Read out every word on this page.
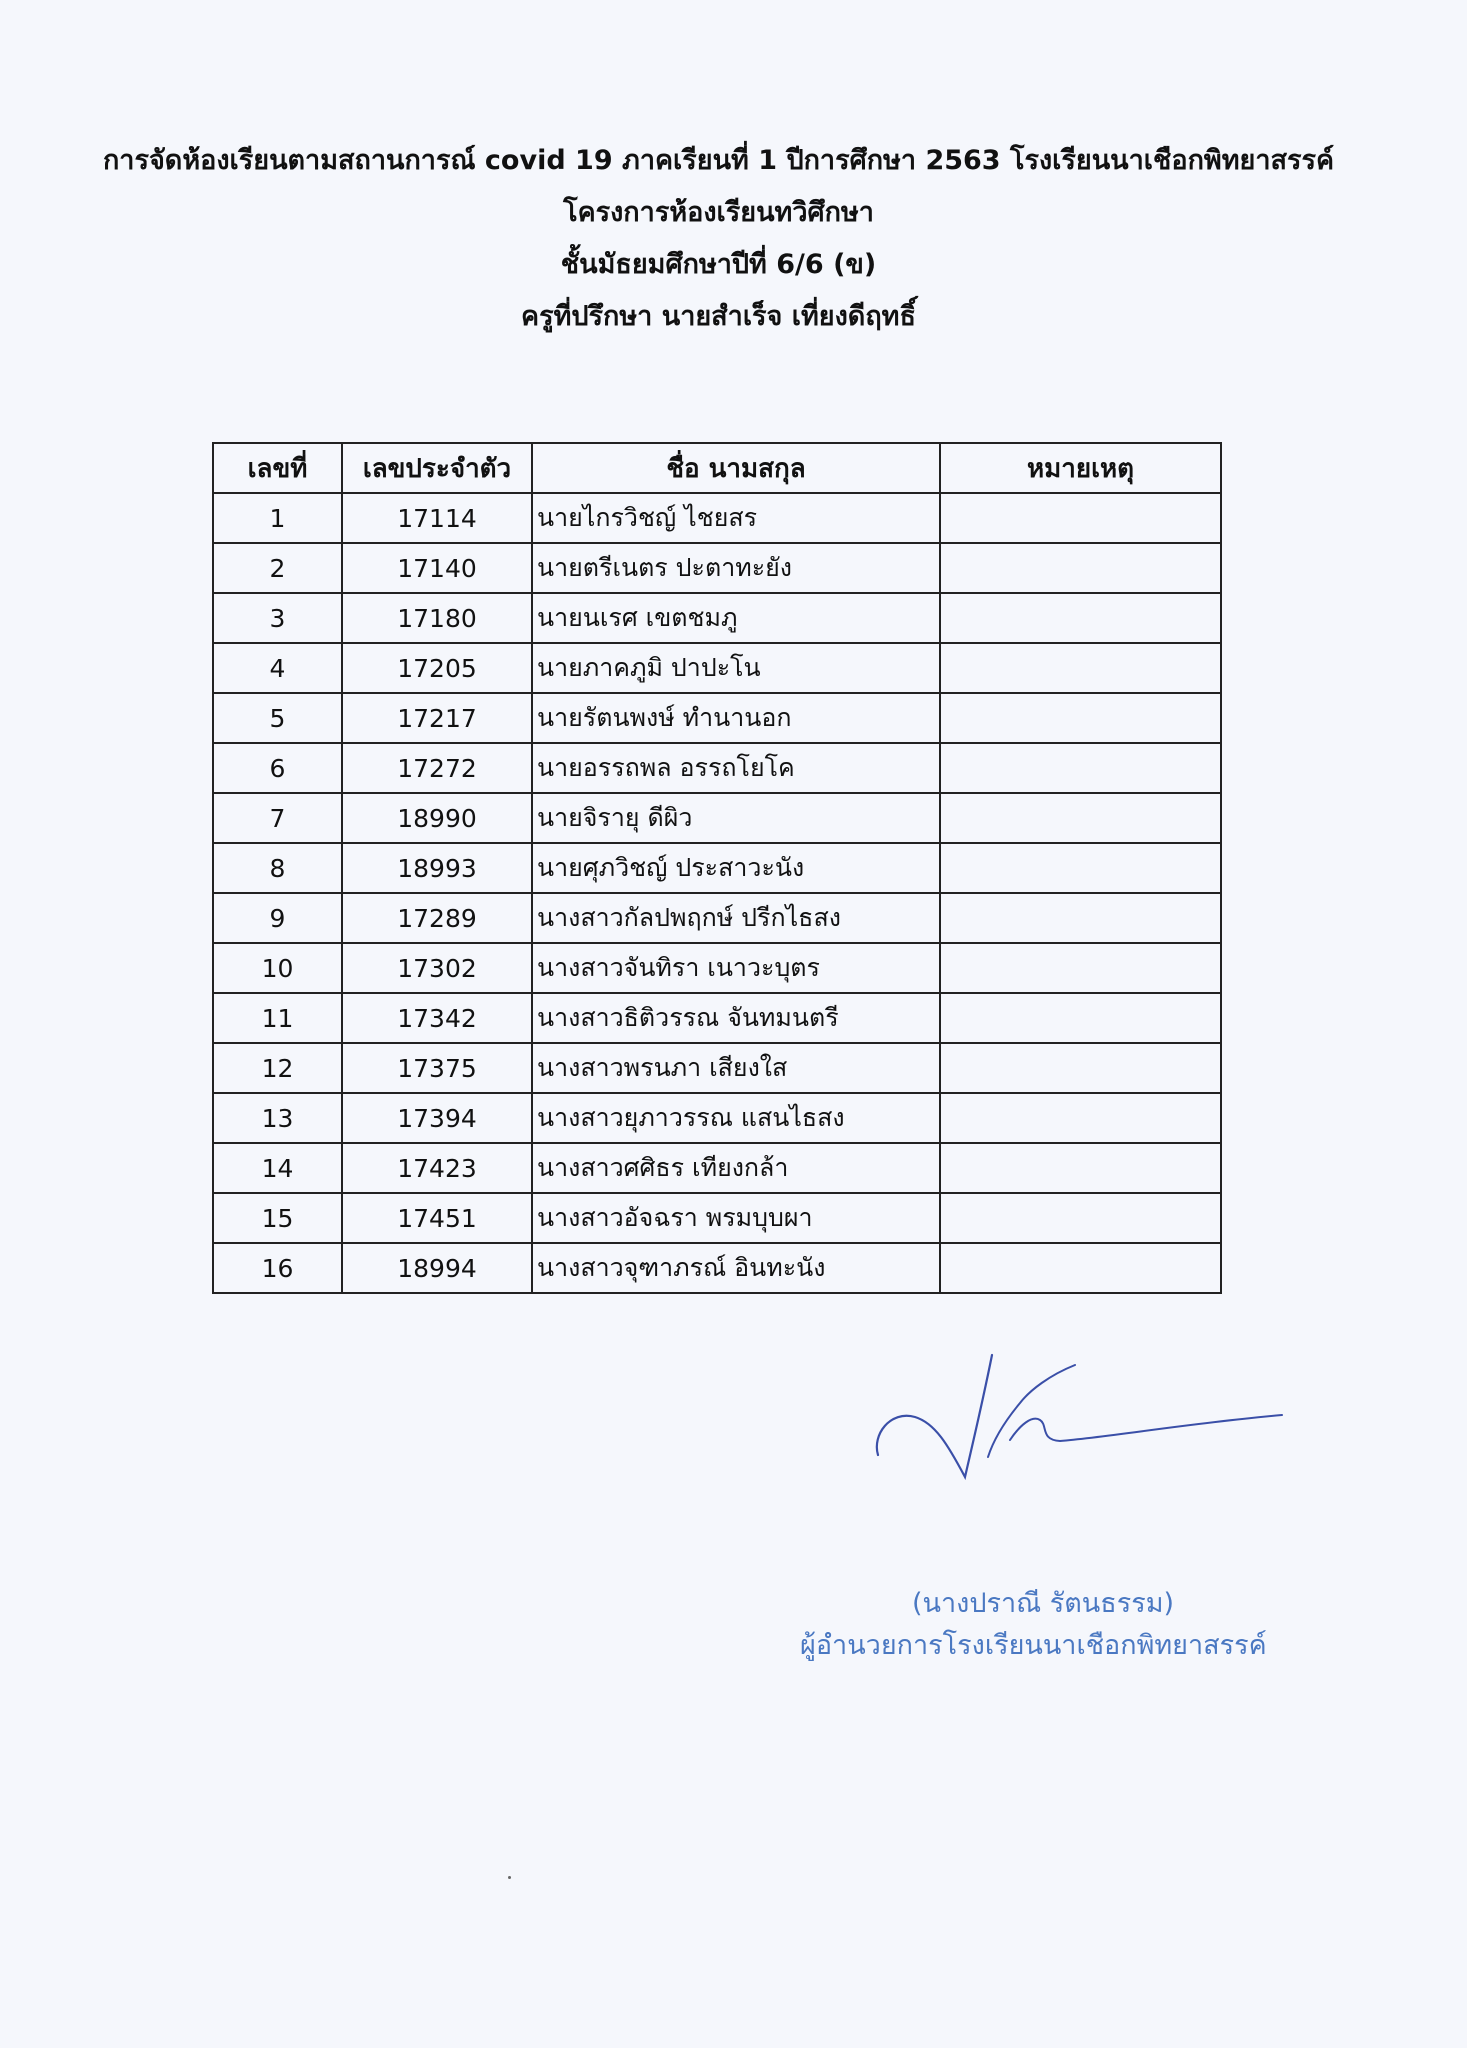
การจัดห้องเรียนตามสถานการณ์ covid 19 ภาคเรียนที่ 1 ปีการศึกษา 2563 โรงเรียนนาเชือกพิทยาสรรค์
โครงการห้องเรียนทวิศึกษา
ชั้นมัธยมศึกษาปีที่ 6/6 (ข)
ครูที่ปรึกษา นายสำเร็จ เที่ยงดีฤทธิ์
เลขที่	เลขประจำตัว	ชื่อ นามสกุล	หมายเหตุ
1	17114	นายไกรวิชญ์ ไชยสร	
2	17140	นายตรีเนตร ปะตาทะยัง	
3	17180	นายนเรศ เขตชมภู	
4	17205	นายภาคภูมิ ปาปะโน	
5	17217	นายรัตนพงษ์ ทำนานอก	
6	17272	นายอรรถพล อรรถโยโค	
7	18990	นายจิรายุ ดีผิว	
8	18993	นายศุภวิชญ์ ประสาวะนัง	
9	17289	นางสาวกัลปพฤกษ์ ปรีกไธสง	
10	17302	นางสาวจันทิรา เนาวะบุตร	
11	17342	นางสาวธิติวรรณ จันทมนตรี	
12	17375	นางสาวพรนภา เสียงใส	
13	17394	นางสาวยุภาวรรณ แสนไธสง	
14	17423	นางสาวศศิธร เทียงกล้า	
15	17451	นางสาวอัจฉรา พรมบุบผา	
16	18994	นางสาวจุฑาภรณ์ อินทะนัง	
(นางปราณี รัตนธรรม)
ผู้อำนวยการโรงเรียนนาเชือกพิทยาสรรค์
